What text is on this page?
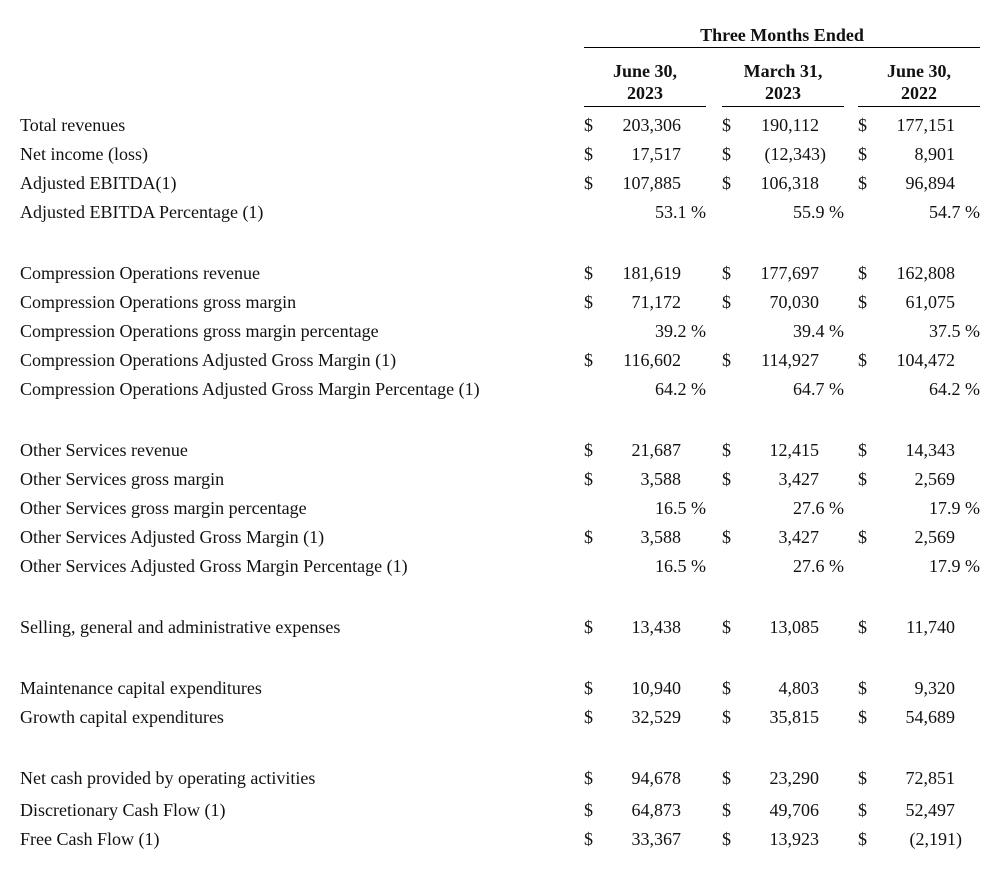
Three Months Ended
June 30,
2023
March 31,
2023
June 30,
2022
Total revenues	$ 203,306 $ 190,112 $ 177,151
Net income (loss)	$ 17,517 $ (12,343) $	8,901
Adjusted EBITDA(1)	$ 107,885 $ 106,318 $ 96,894
Adjusted EBITDA Percentage (1)	53.1 %	55.9 %	54.7 %
Compression Operations revenue	$ 181,619 $ 177,697 $ 162,808
Compression Operations gross margin	$ 71,172 $ 70,030 $ 61,075
Compression Operations gross margin percentage	39.2 %	39.4 %	37.5 %
Compression Operations Adjusted Gross Margin (1)	$ 116,602 $ 114,927 $ 104,472
Compression Operations Adjusted Gross Margin Percentage (1)	64.2 %	64.7 %	64.2 %
Other Services revenue	$ 21,687 $ 12,415 $ 14,343
Other Services gross margin	$	3,588 $	3,427 $	2,569
Other Services gross margin percentage	16.5 %	27.6 %	17.9 %
Other Services Adjusted Gross Margin (1)	$	3,588 $	3,427 $	2,569
Other Services Adjusted Gross Margin Percentage (1)	16.5 %	27.6 %	17.9 %
Selling, general and administrative expenses	$ 13,438 $ 13,085 $ 11,740
Maintenance capital expenditures	$ 10,940 $	4,803 $	9,320
Growth capital expenditures	$ 32,529 $ 35,815 $ 54,689
Net cash provided by operating activities	$ 94,678 $ 23,290 $ 72,851
Discretionary Cash Flow (1)	$ 64,873 $ 49,706 $ 52,497
Free Cash Flow (1)	$ 33,367 $ 13,923 $ (2,191)
